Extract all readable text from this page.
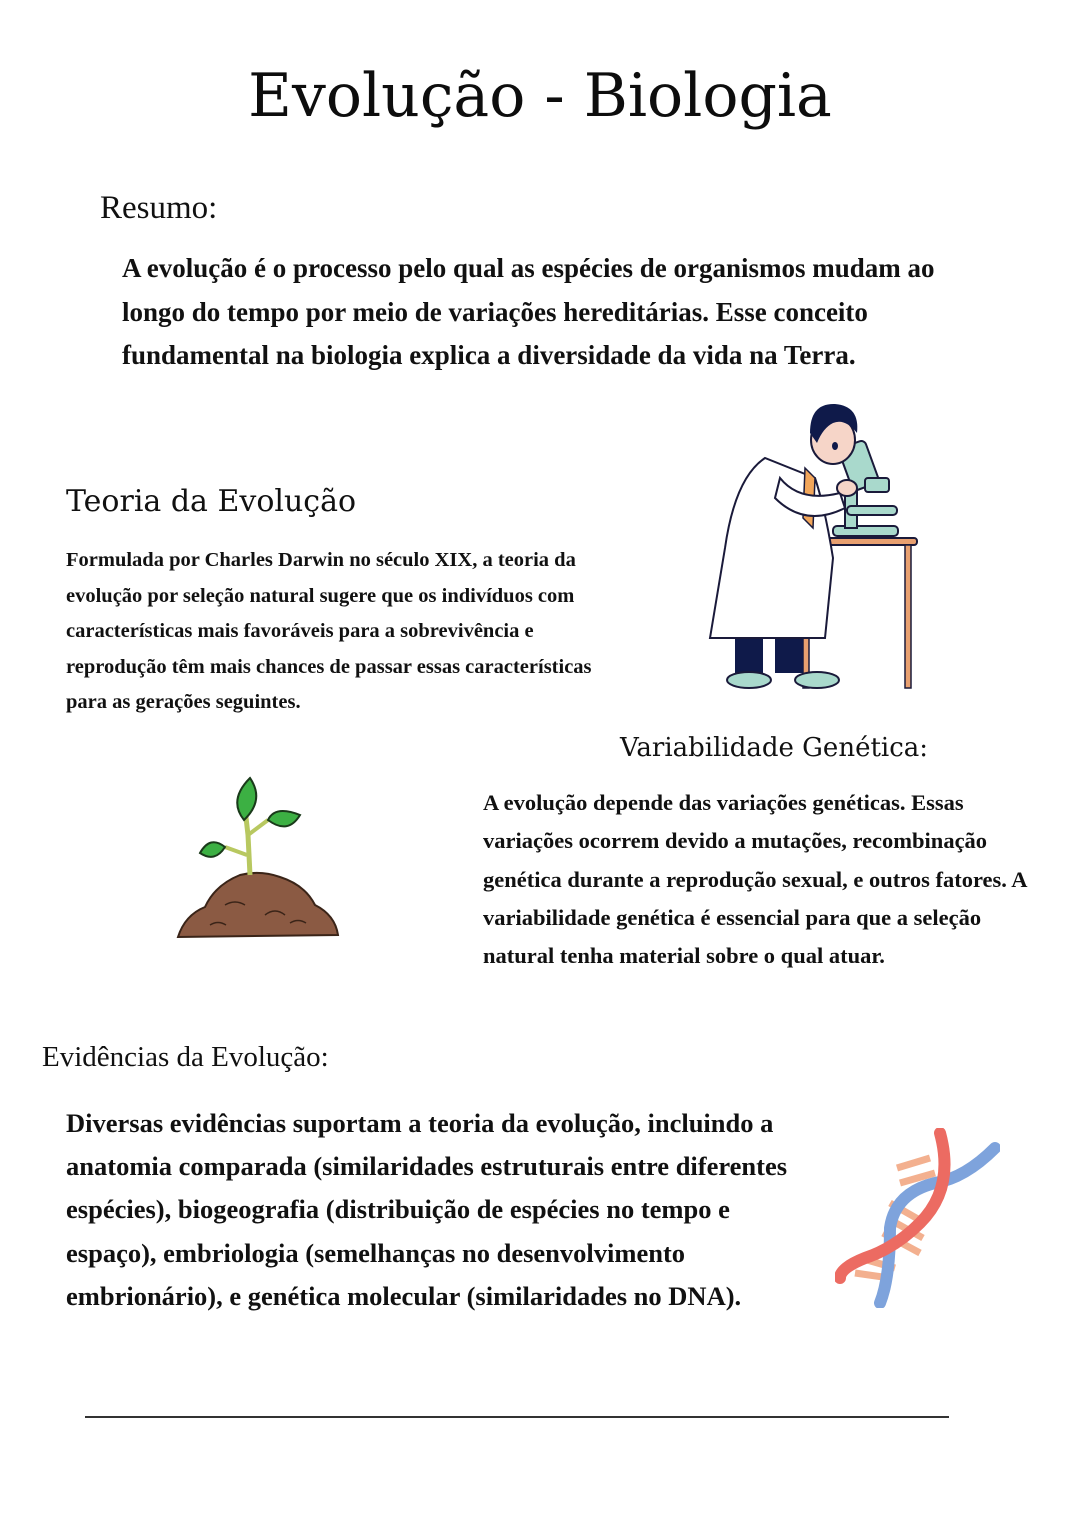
Evolução - Biologia
Resumo:

A evolução é o processo pelo qual as espécies de organismos mudam ao longo do tempo por meio de variações hereditárias. Esse conceito fundamental na biologia explica a diversidade da vida na Terra.

Teoria da Evolução

Formulada por Charles Darwin no século XIX, a teoria da evolução por seleção natural sugere que os indivíduos com características mais favoráveis para a sobrevivência e reprodução têm mais chances de passar essas características para as gerações seguintes.

Variabilidade Genética:

A evolução depende das variações genéticas. Essas variações ocorrem devido a mutações, recombinação genética durante a reprodução sexual, e outros fatores. A variabilidade genética é essencial para que a seleção natural tenha material sobre o qual atuar.

Evidências da Evolução:

Diversas evidências suportam a teoria da evolução, incluindo a anatomia comparada (similaridades estruturais entre diferentes espécies), biogeografia (distribuição de espécies no tempo e espaço), embriologia (semelhanças no desenvolvimento embrionário), e genética molecular (similaridades no DNA).
